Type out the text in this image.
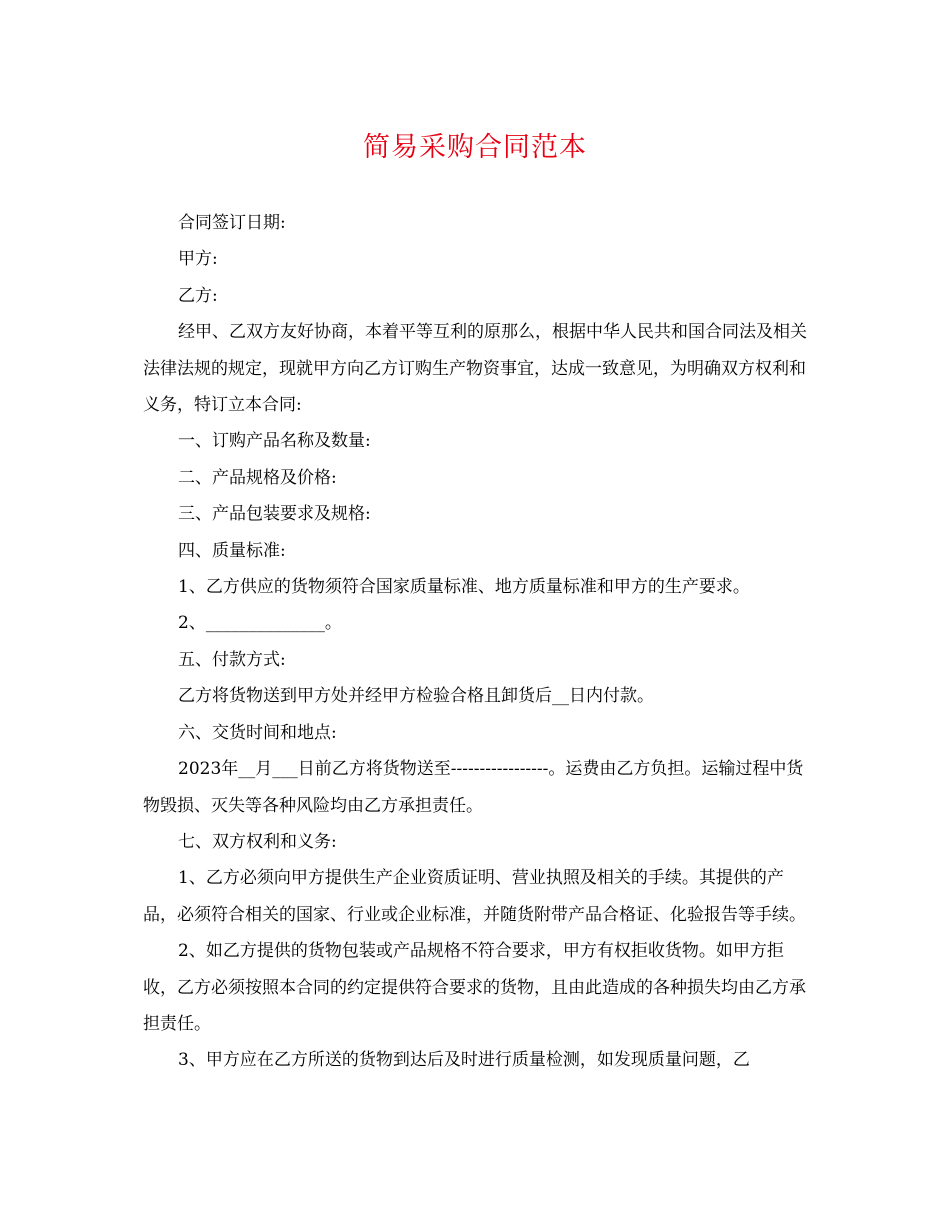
简易采购合同范本

合同签订日期:

甲方:

乙方:

经甲、乙双方友好协商，本着平等互利的原那么，根据中华人民共和国合同法及相关法律法规的规定，现就甲方向乙方订购生产物资事宜，达成一致意见，为明确双方权利和义务，特订立本合同:

一、订购产品名称及数量:

二、产品规格及价格:

三、产品包装要求及规格:

四、质量标准:

1、乙方供应的货物须符合国家质量标准、地方质量标准和甲方的生产要求。

2、______________。

五、付款方式:

乙方将货物送到甲方处并经甲方检验合格且卸货后__日内付款。

六、交货时间和地点:

2023年__月___日前乙方将货物送至-----------------。运费由乙方负担。运输过程中货物毁损、灭失等各种风险均由乙方承担责任。

七、双方权利和义务:

1、乙方必须向甲方提供生产企业资质证明、营业执照及相关的手续。其提供的产品，必须符合相关的国家、行业或企业标准，并随货附带产品合格证、化验报告等手续。

2、如乙方提供的货物包装或产品规格不符合要求，甲方有权拒收货物。如甲方拒收，乙方必须按照本合同的约定提供符合要求的货物，且由此造成的各种损失均由乙方承担责任。

3、甲方应在乙方所送的货物到达后及时进行质量检测，如发现质量问题，乙
